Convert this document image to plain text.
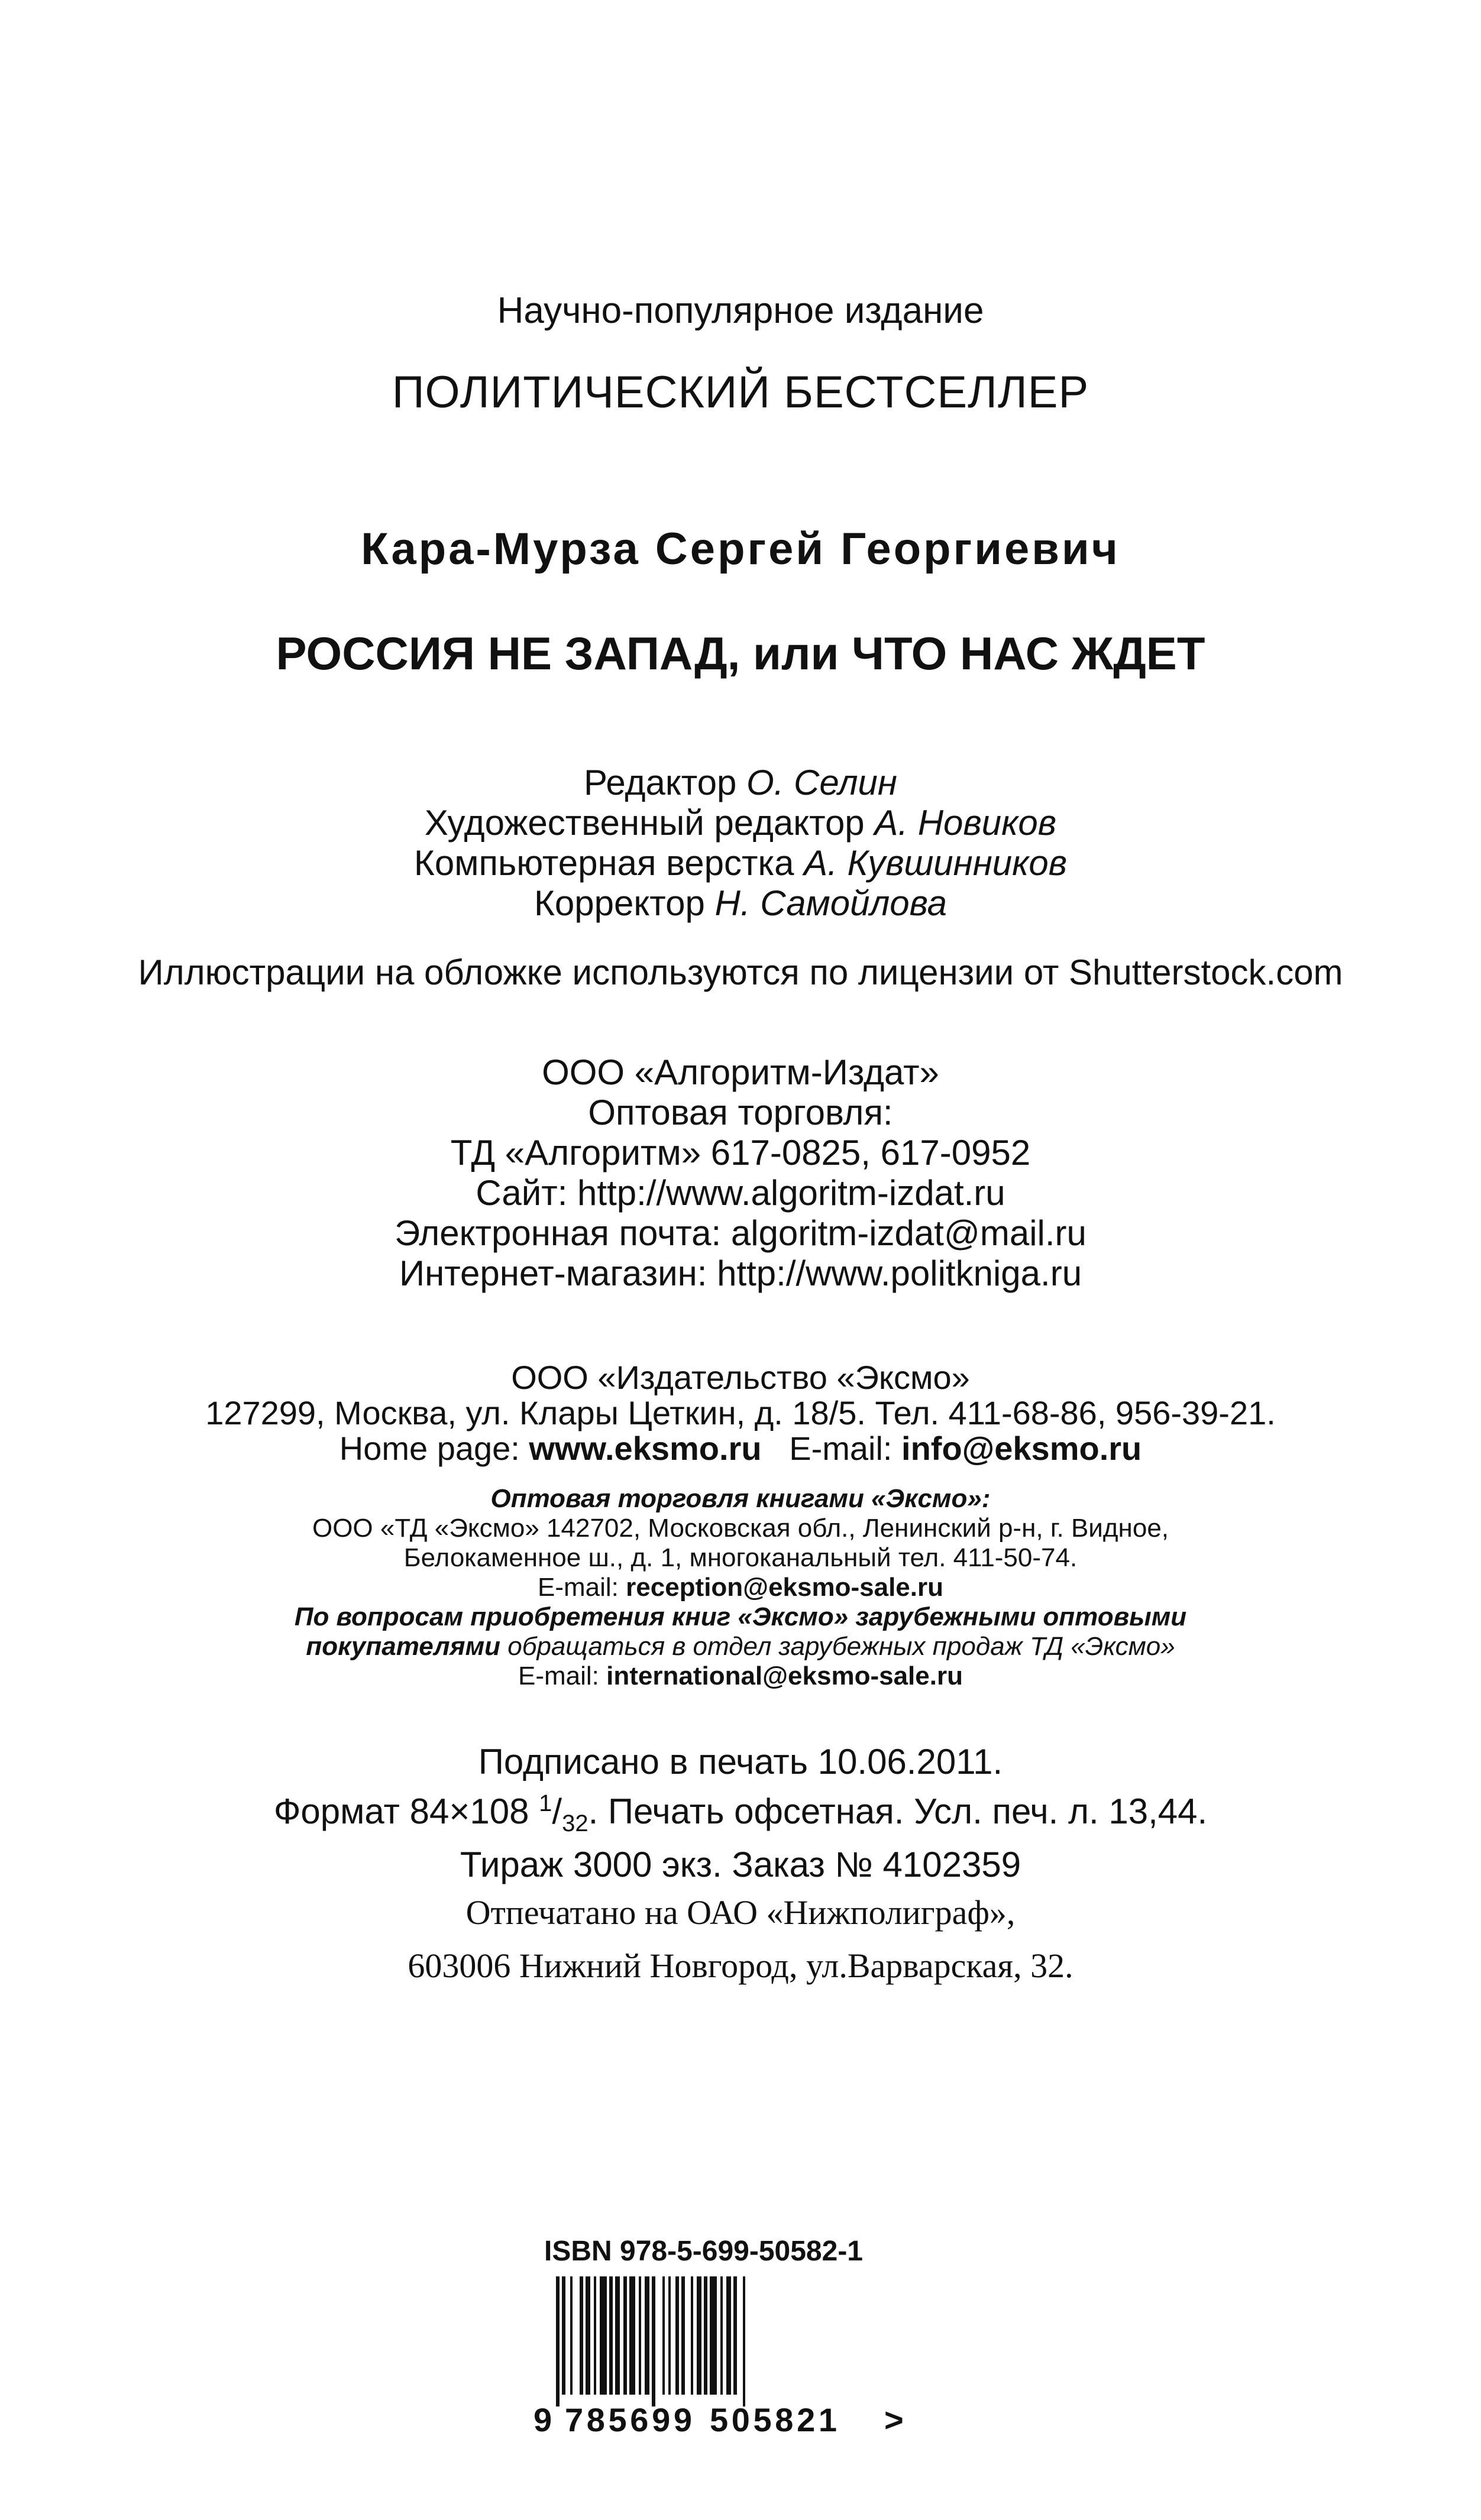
Научно-популярное издание
ПОЛИТИЧЕСКИЙ БЕСТСЕЛЛЕР
Кара-Мурза Сергей Георгиевич
РОССИЯ НЕ ЗАПАД, или ЧТО НАС ЖДЕТ
Редактор О. Селин
Художественный редактор А. Новиков
Компьютерная верстка А. Кувшинников
Корректор Н. Самойлова
Иллюстрации на обложке используются по лицензии от Shutterstock.com
ООО «Алгоритм-Издат»
Оптовая торговля:
ТД «Алгоритм» 617-0825, 617-0952
Сайт: http://www.algoritm-izdat.ru
Электронная почта: algoritm-izdat@mail.ru
Интернет-магазин: http://www.politkniga.ru
ООО «Издательство «Эксмо»
127299, Москва, ул. Клары Цеткин, д. 18/5. Тел. 411-68-86, 956-39-21.
Home page: www.eksmo.ru E-mail: info@eksmo.ru
Оптовая торговля книгами «Эксмо»:
ООО «ТД «Эксмо» 142702, Московская обл., Ленинский р-н, г. Видное,
Белокаменное ш., д. 1, многоканальный тел. 411-50-74.
E-mail: reception@eksmo-sale.ru
По вопросам приобретения книг «Эксмо» зарубежными оптовыми
покупателями обращаться в отдел зарубежных продаж ТД «Эксмо»
E-mail: international@eksmo-sale.ru
Подписано в печать 10.06.2011.
Формат 84×108 $^1/_{32}$. Печать офсетная. Усл. печ. л. 13,44.
Тираж 3000 экз. Заказ № 4102359
Отпечатано на ОАО «Нижполиграф»,
603006 Нижний Новгород, ул.Варварская, 32.
ISBN 978-5-699-50582-1
9 785699 505821 >
